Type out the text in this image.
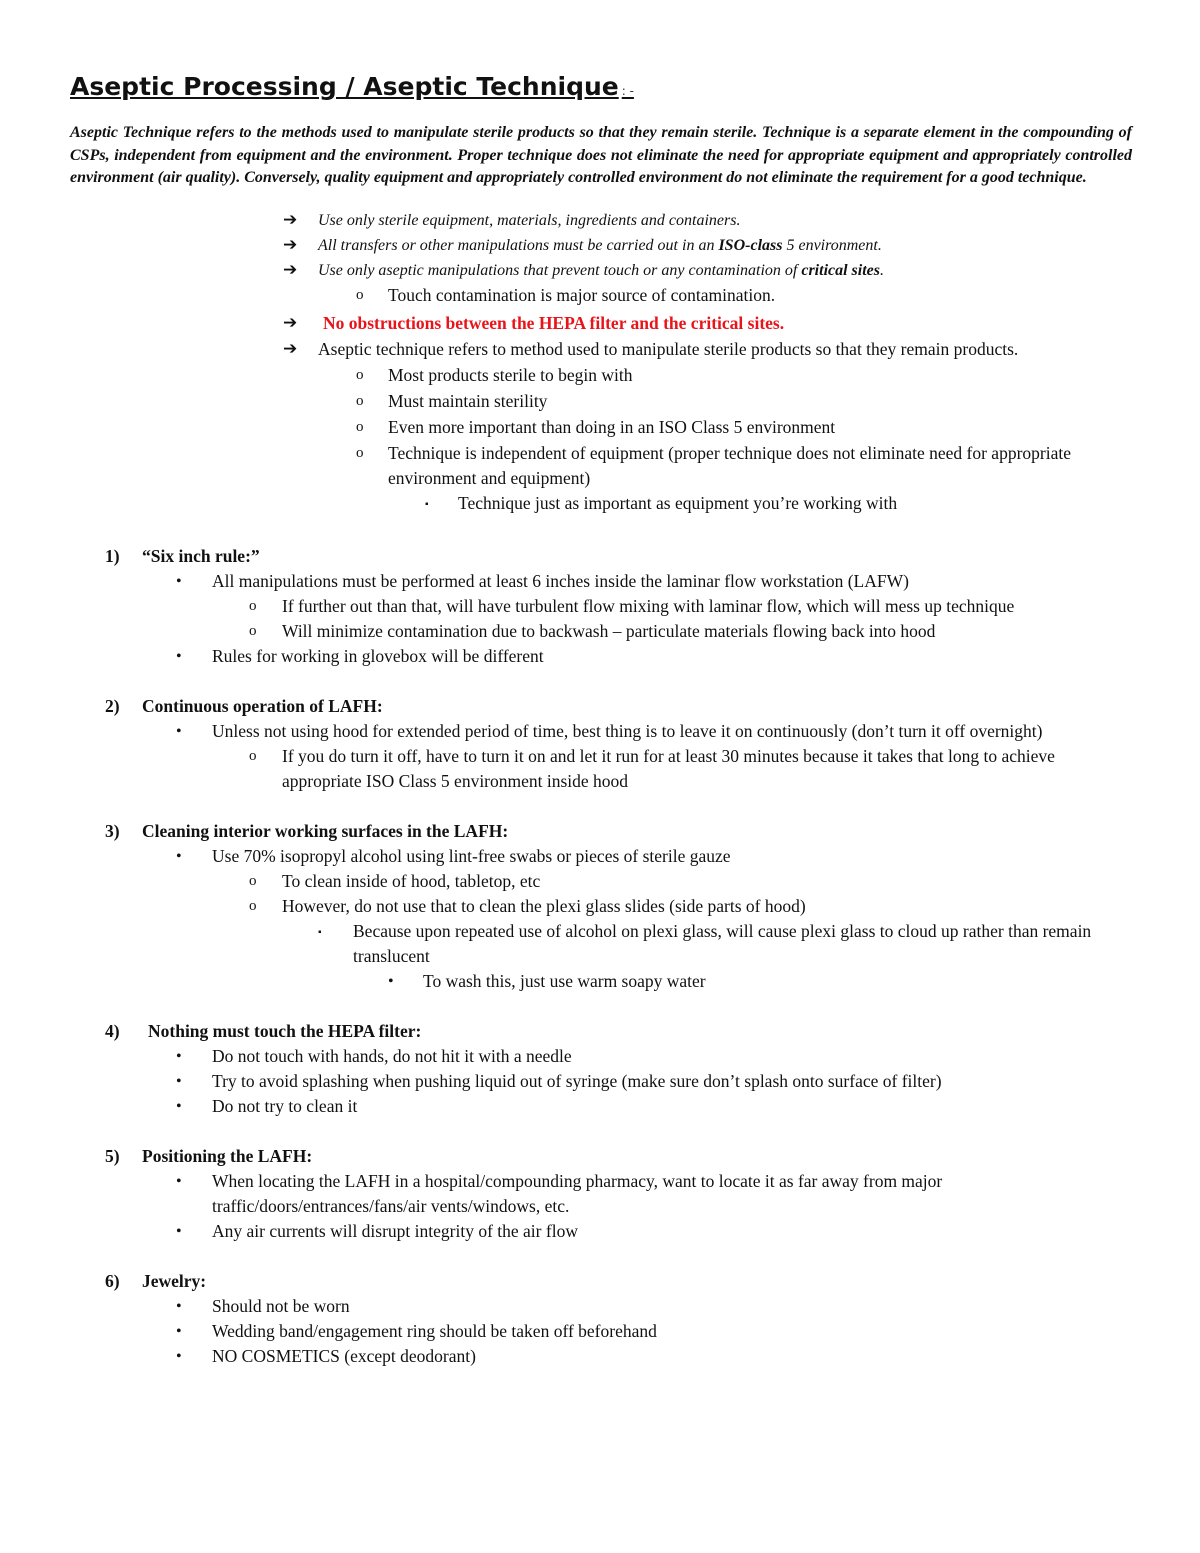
Aseptic Processing / Aseptic Technique : -
Aseptic Technique refers to the methods used to manipulate sterile products so that they remain sterile. Technique is a separate element in the compounding of CSPs, independent from equipment and the environment. Proper technique does not eliminate the need for appropriate equipment and appropriately controlled environment (air quality). Conversely, quality equipment and appropriately controlled environment do not eliminate the requirement for a good technique.
➔ Use only sterile equipment, materials, ingredients and containers.
➔ All transfers or other manipulations must be carried out in an ISO-class 5 environment.
➔ Use only aseptic manipulations that prevent touch or any contamination of critical sites.
o Touch contamination is major source of contamination.
➔ No obstructions between the HEPA filter and the critical sites.
➔ Aseptic technique refers to method used to manipulate sterile products so that they remain products.
o Most products sterile to begin with
o Must maintain sterility
o Even more important than doing in an ISO Class 5 environment
o Technique is independent of equipment (proper technique does not eliminate need for appropriate environment and equipment)
▪ Technique just as important as equipment you’re working with
1) “Six inch rule:”
• All manipulations must be performed at least 6 inches inside the laminar flow workstation (LAFW)
o If further out than that, will have turbulent flow mixing with laminar flow, which will mess up technique
o Will minimize contamination due to backwash – particulate materials flowing back into hood
• Rules for working in glovebox will be different
2) Continuous operation of LAFH:
• Unless not using hood for extended period of time, best thing is to leave it on continuously (don’t turn it off overnight)
o If you do turn it off, have to turn it on and let it run for at least 30 minutes because it takes that long to achieve appropriate ISO Class 5 environment inside hood
3) Cleaning interior working surfaces in the LAFH:
• Use 70% isopropyl alcohol using lint-free swabs or pieces of sterile gauze
o To clean inside of hood, tabletop, etc
o However, do not use that to clean the plexi glass slides (side parts of hood)
▪ Because upon repeated use of alcohol on plexi glass, will cause plexi glass to cloud up rather than remain translucent
• To wash this, just use warm soapy water
4) Nothing must touch the HEPA filter:
• Do not touch with hands, do not hit it with a needle
• Try to avoid splashing when pushing liquid out of syringe (make sure don’t splash onto surface of filter)
• Do not try to clean it
5) Positioning the LAFH:
• When locating the LAFH in a hospital/compounding pharmacy, want to locate it as far away from major traffic/doors/entrances/fans/air vents/windows, etc.
• Any air currents will disrupt integrity of the air flow
6) Jewelry:
• Should not be worn
• Wedding band/engagement ring should be taken off beforehand
• NO COSMETICS (except deodorant)
